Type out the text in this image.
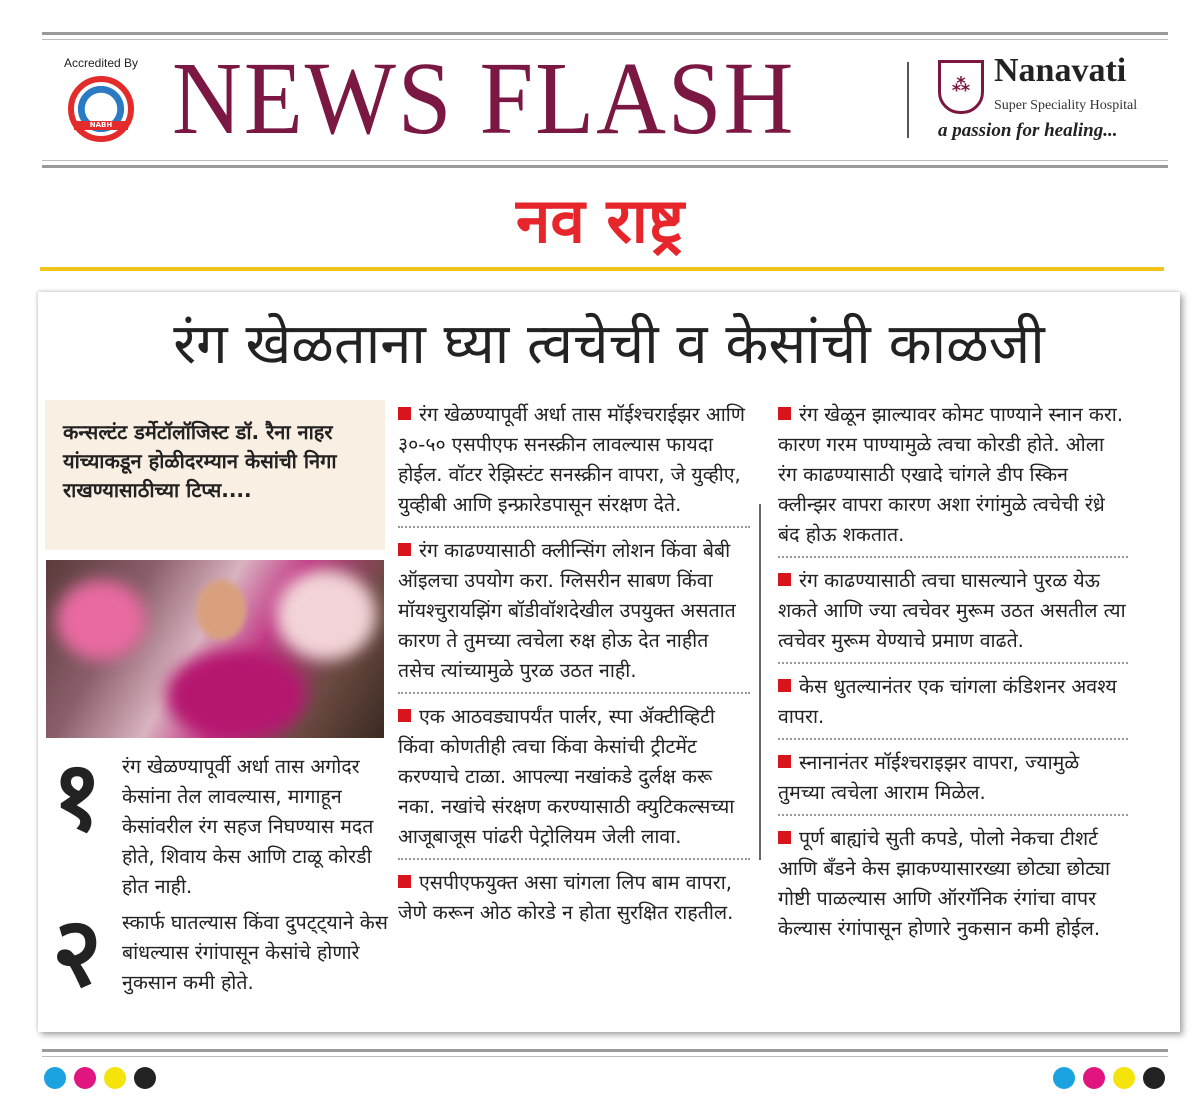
Accredited By
NABH NEWS FLASH	⁂ Nanavati
Super Speciality Hospital
a passion for healing...
नव राष्ट्र
रंग खेळताना घ्या त्वचेची व केसांची काळजी
कन्सल्टंट डर्मेटॉलॉजिस्ट डॉ. रैना नाहर यांच्याकडून होळीदरम्यान केसांची निगा राखण्यासाठीच्या टिप्स....
१ रंग खेळण्यापूर्वी अर्धा तास अगोदर केसांना तेल लावल्यास, मागाहून केसांवरील रंग सहज निघण्यास मदत होते, शिवाय केस आणि टाळू कोरडी होत नाही.
२ स्कार्फ घातल्यास किंवा दुपट्ट्याने केस बांधल्यास रंगांपासून केसांचे होणारे नुकसान कमी होते.
रंग खेळण्यापूर्वी अर्धा तास मॉईश्चराईझर आणि ३०-५० एसपीएफ सनस्क्रीन लावल्यास फायदा होईल. वॉटर रेझिस्टंट सनस्क्रीन वापरा, जे युव्हीए, युव्हीबी आणि इन्फ्रारेडपासून संरक्षण देते.
रंग काढण्यासाठी क्लीन्सिंग लोशन किंवा बेबी ऑइलचा उपयोग करा. ग्लिसरीन साबण किंवा मॉयश्चुरायझिंग बॉडीवॉशदेखील उपयुक्त असतात कारण ते तुमच्या त्वचेला रुक्ष होऊ देत नाहीत तसेच त्यांच्यामुळे पुरळ उठत नाही.
एक आठवड्यापर्यंत पार्लर, स्पा ॲक्टीव्हिटी किंवा कोणतीही त्वचा किंवा केसांची ट्रीटमेंट करण्याचे टाळा. आपल्या नखांकडे दुर्लक्ष करू नका. नखांचे संरक्षण करण्यासाठी क्युटिकल्सच्या आजूबाजूस पांढरी पेट्रोलियम जेली लावा.
एसपीएफयुक्त असा चांगला लिप बाम वापरा, जेणे करून ओठ कोरडे न होता सुरक्षित राहतील.
रंग खेळून झाल्यावर कोमट पाण्याने स्नान करा. कारण गरम पाण्यामुळे त्वचा कोरडी होते. ओला रंग काढण्यासाठी एखादे चांगले डीप स्किन क्लीन्झर वापरा कारण अशा रंगांमुळे त्वचेची रंध्रे बंद होऊ शकतात.
रंग काढण्यासाठी त्वचा घासल्याने पुरळ येऊ शकते आणि ज्या त्वचेवर मुरूम उठत असतील त्या त्वचेवर मुरूम येण्याचे प्रमाण वाढते.
केस धुतल्यानंतर एक चांगला कंडिशनर अवश्य वापरा.
स्नानानंतर मॉईश्चराइझर वापरा, ज्यामुळे तुमच्या त्वचेला आराम मिळेल.
पूर्ण बाह्यांचे सुती कपडे, पोलो नेकचा टीशर्ट आणि बँडने केस झाकण्यासारख्या छोट्या छोट्या गोष्टी पाळल्यास आणि ऑरगॅनिक रंगांचा वापर केल्यास रंगांपासून होणारे नुकसान कमी होईल.
